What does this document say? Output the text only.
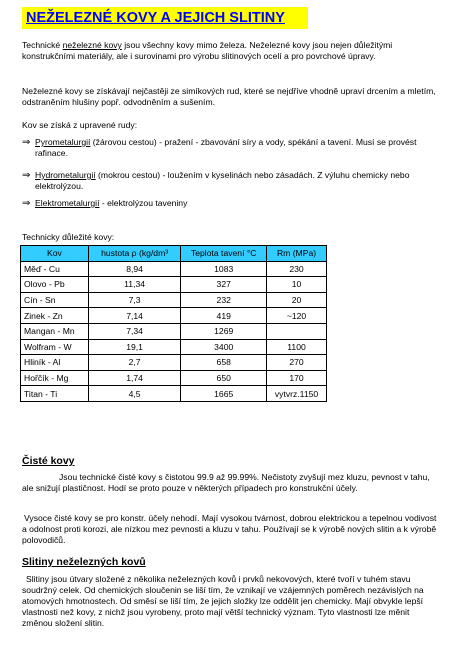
NEŽELEZNÉ KOVY A JEJICH SLITINY
Technické neželezné kovy jsou všechny kovy mimo železa. Neželezné kovy jsou nejen důležitými konstrukčními materiály, ale i surovinami pro výrobu slitinových ocelí a pro povrchové úpravy.
Neželezné kovy se získávají nejčastěji ze simíkových rud, které se nejdříve vhodně upraví drcením a mletím, odstraněním hlušiny popř. odvodněním a sušením.
Kov se získá z upravené rudy:
⇒ Pyrometalurgií (žárovou cestou) - pražení - zbavování síry a vody, spékání a tavení. Musí se provést rafinace.
⇒ Hydrometalurgií (mokrou cestou) - loužením v kyselinách nebo zásadách. Z výluhu chemicky nebo elektrolýzou.
⇒ Elektrometalurgií - elektrolýzou taveniny
Technicky důležité kovy:
Kov	hustota ρ (kg/dm³	Teplota tavení °C	Rm (MPa)
Měď - Cu	8,94	1083	230
Olovo - Pb	11,34	327	10
Cín - Sn	7,3	232	20
Zinek - Zn	7,14	419	~120
Mangan - Mn	7,34	1269	
Wolfram - W	19,1	3400	1100
Hliník - Al	2,7	658	270
Hořčík - Mg	1,74	650	170
Titan - Ti	4,5	1665	vytvrz.1150
Čisté kovy
Jsou technické čisté kovy s čistotou 99.9 až 99.99%. Nečistoty zvyšují mez kluzu, pevnost v tahu, ale snižují plastičnost. Hodí se proto pouze v některých případech pro konstrukční účely.
Vysoce čisté kovy se pro konstr. účely nehodí. Mají vysokou tvárnost, dobrou elektrickou a tepelnou vodivost a odolnost proti korozi, ale nízkou mez pevnosti a kluzu v tahu. Používají se k výrobě nových slitin a k výrobě polovodičů.
Slitiny neželezných kovů
Slitiny jsou útvary složené z několika neželezných kovů i prvků nekovových, které tvoří v tuhém stavu soudržný celek. Od chemických sloučenin se liší tím, že vznikají ve vzájemných poměrech nezávislých na atomových hmotnostech. Od směsí se liší tím, že jejich složky lze oddělit jen chemicky. Mají obvykle lepší vlastnosti než kovy, z nichž jsou vyrobeny, proto mají větší technický význam. Tyto vlastnosti lze měnit změnou složení slitin.
